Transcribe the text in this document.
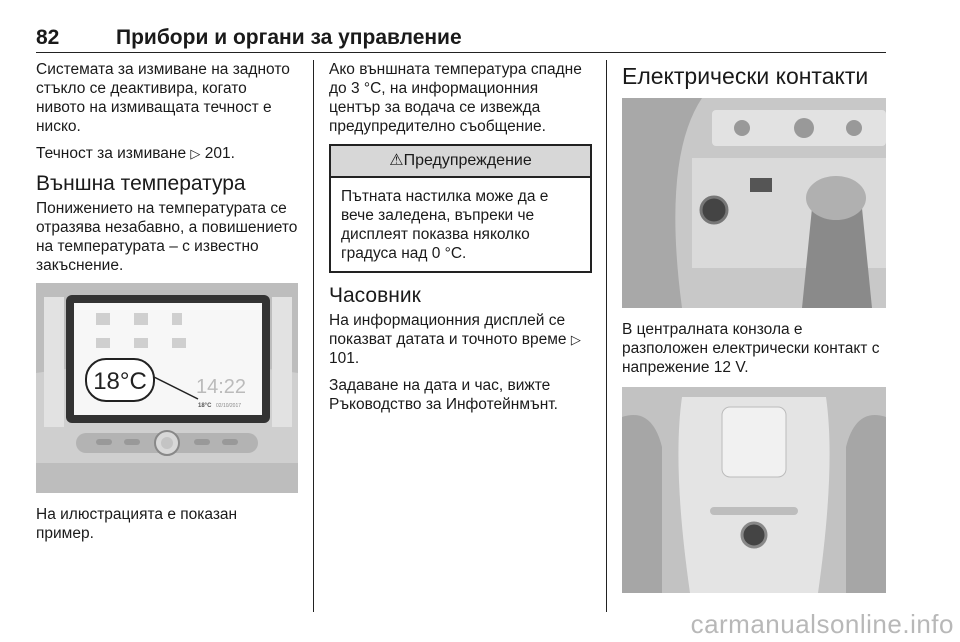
82	Прибори и органи за управление

Системата за измиване на задното стъкло се деактивира, когато нивото на измиващата течност е ниско.

Течност за измиване ▷ 201.

Външна температура

Понижението на температурата се отразява незабавно, а повишението на температурата – с известно закъснение.

18°C 14:22
18°C 02/10/2017

На илюстрацията е показан пример.

Ако външната температура спадне до 3 °C, на информационния център за водача се извежда предупредително съобщение.

⚠Предупреждение
Пътната настилка може да е вече заледена, въпреки че дисплеят показва няколко градуса над 0 °C.
Часовник

На информационния дисплей се показват датата и точното време ▷ 101.

Задаване на дата и час, вижте Ръководство за Инфотейнмънт.

Електрически контакти

В централната конзола е разположен електрически контакт с напрежение 12 V.

carmanualsonline.info
